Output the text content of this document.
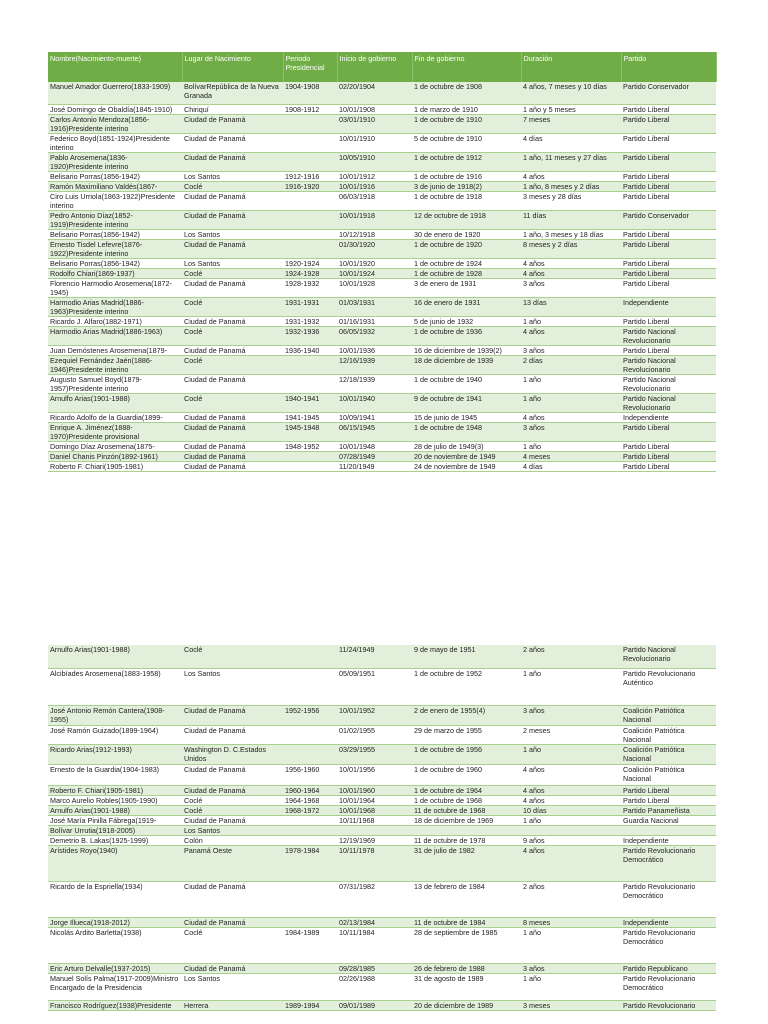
Nombre(Nacimiento-muerte)	Lugar de Nacimiento	Periodo Presidencial	Inicio de gobierno	Fin de gobierno	Duración	Partido
Manuel Amador Guerrero(1833-1909)	BolívarRepública de la Nueva Granada	1904-1908	02/20/1904	1 de octubre de 1908	4 años, 7 meses y 10 días	Partido Conservador
José Domingo de Obaldía(1845-1910)	Chiriquí	1908-1912	10/01/1908	1 de marzo de 1910	1 año y 5 meses	Partido Liberal
Carlos Antonio Mendoza(1856-1916)Presidente interino	Ciudad de Panamá		03/01/1910	1 de octubre de 1910	7 meses	Partido Liberal
Federico Boyd(1851-1924)Presidente interino	Ciudad de Panamá		10/01/1910	5 de octubre de 1910	4 días	Partido Liberal
Pablo Arosemena(1836-1920)Presidente interino	Ciudad de Panamá		10/05/1910	1 de octubre de 1912	1 año, 11 meses y 27 días	Partido Liberal
Belisario Porras(1856-1942)	Los Santos	1912-1916	10/01/1912	1 de octubre de 1916	4 años	Partido Liberal
Ramón Maximiliano Valdés(1867-	Coclé	1916-1920	10/01/1916	3 de junio de 1918(2)	1 año, 8 meses y 2 días	Partido Liberal
Ciro Luis Urriola(1863-1922)Presidente interino	Ciudad de Panamá		06/03/1918	1 de octubre de 1918	3 meses y 28 días	Partido Liberal
Pedro Antonio Díaz(1852-1919)Presidente interino	Ciudad de Panamá		10/01/1918	12 de octubre de 1918	11 días	Partido Conservador
Belisario Porras(1856-1942)	Los Santos		10/12/1918	30 de enero de 1920	1 año, 3 meses y 18 días	Partido Liberal
Ernesto Tisdel Lefevre(1876-1922)Presidente interino	Ciudad de Panamá		01/30/1920	1 de octubre de 1920	8 meses y 2 días	Partido Liberal
Belisario Porras(1856-1942)	Los Santos	1920-1924	10/01/1920	1 de octubre de 1924	4 años	Partido Liberal
Rodolfo Chiari(1869-1937)	Coclé	1924-1928	10/01/1924	1 de octubre de 1928	4 años	Partido Liberal
Florencio Harmodio Arosemena(1872-1945)	Ciudad de Panamá	1928-1932	10/01/1928	3 de enero de 1931	3 años	Partido Liberal
Harmodio Arias Madrid(1886-1963)Presidente interino	Coclé	1931-1931	01/03/1931	16 de enero de 1931	13 días	Independiente
Ricardo J. Alfaro(1882-1971)	Ciudad de Panamá	1931-1932	01/16/1931	5 de junio de 1932	1 año	Partido Liberal
Harmodio Arias Madrid(1886-1963)	Coclé	1932-1936	06/05/1932	1 de octubre de 1936	4 años	Partido Nacional Revolucionario
Juan Demóstenes Arosemena(1879-	Ciudad de Panamá	1936-1940	10/01/1936	16 de diciembre de 1939(2)	3 años	Partido Liberal
Ezequiel Fernández Jaén(1886-1946)Presidente interino	Coclé		12/16/1939	18 de diciembre de 1939	2 días	Partido Nacional Revolucionario
Augusto Samuel Boyd(1879-1957)Presidente interino	Ciudad de Panamá		12/18/1939	1 de octubre de 1940	1 año	Partido Nacional Revolucionario
Arnulfo Arias(1901-1988)	Coclé	1940-1941	10/01/1940	9 de octubre de 1941	1 año	Partido Nacional Revolucionario
Ricardo Adolfo de la Guardia(1899-	Ciudad de Panamá	1941-1945	10/09/1941	15 de junio de 1945	4 años	Independiente
Enrique A. Jiménez(1888-1970)Presidente provisional	Ciudad de Panamá	1945-1948	06/15/1945	1 de octubre de 1948	3 años	Partido Liberal
Domingo Díaz Arosemena(1875-	Ciudad de Panamá	1948-1952	10/01/1948	28 de julio de 1949(3)	1 año	Partido Liberal
Daniel Chanis Pinzón(1892-1961)	Ciudad de Panamá		07/28/1949	20 de noviembre de 1949	4 meses	Partido Liberal
Roberto F. Chiari(1905-1981)	Ciudad de Panamá		11/20/1949	24 de noviembre de 1949	4 días	Partido Liberal
Arnulfo Arias(1901-1988)	Coclé		11/24/1949	9 de mayo de 1951	2 años	Partido Nacional Revolucionario
Alcibíades Arosemena(1883-1958)	Los Santos		05/09/1951	1 de octubre de 1952	1 año	Partido Revolucionario Auténtico
José Antonio Remón Cantera(1908-1955)	Ciudad de Panamá	1952-1956	10/01/1952	2 de enero de 1955(4)	3 años	Coalición Patriótica Nacional
José Ramón Guizado(1899-1964)	Ciudad de Panamá		01/02/1955	29 de marzo de 1955	2 meses	Coalición Patriótica Nacional
Ricardo Arias(1912-1993)	Washington D. C.Estados Unidos		03/29/1955	1 de octubre de 1956	1 año	Coalición Patriótica Nacional
Ernesto de la Guardia(1904-1983)	Ciudad de Panamá	1956-1960	10/01/1956	1 de octubre de 1960	4 años	Coalición Patriótica Nacional
Roberto F. Chiari(1905-1981)	Ciudad de Panamá	1960-1964	10/01/1960	1 de octubre de 1964	4 años	Partido Liberal
Marco Aurelio Robles(1905-1990)	Coclé	1964-1968	10/01/1964	1 de octubre de 1968	4 años	Partido Liberal
Arnulfo Arias(1901-1988)	Coclé	1968-1972	10/01/1968	11 de octubre de 1968	10 días	Partido Panameñista
José María Pinilla Fábrega(1919-	Ciudad de Panamá		10/11/1968	18 de diciembre de 1969	1 año	Guardia Nacional
Bolívar Urrutia(1918-2005)	Los Santos					
Demetrio B. Lakas(1925-1999)	Colón		12/19/1969	11 de octubre de 1978	9 años	Independiente
Arístides Royo(1940)	Panamá Oeste	1978-1984	10/11/1978	31 de julio de 1982	4 años	Partido Revolucionario Democrático
Ricardo de la Espriella(1934)	Ciudad de Panamá		07/31/1982	13 de febrero de 1984	2 años	Partido Revolucionario Democrático
Jorge Illueca(1918-2012)	Ciudad de Panamá		02/13/1984	11 de octubre de 1984	8 meses	Independiente
Nicolás Ardito Barletta(1938)	Coclé	1984-1989	10/11/1984	28 de septiembre de 1985	1 año	Partido Revolucionario Democrático
Eric Arturo Delvalle(1937-2015)	Ciudad de Panamá		09/28/1985	26 de febrero de 1988	3 años	Partido Republicano
Manuel Solís Palma(1917-2009)Ministro Encargado de la Presidencia	Los Santos		02/26/1988	31 de agosto de 1989	1 año	Partido Revolucionario Democrático
Francisco Rodríguez(1938)Presidente	Herrera	1989-1994	09/01/1989	20 de diciembre de 1989	3 meses	Partido Revolucionario
